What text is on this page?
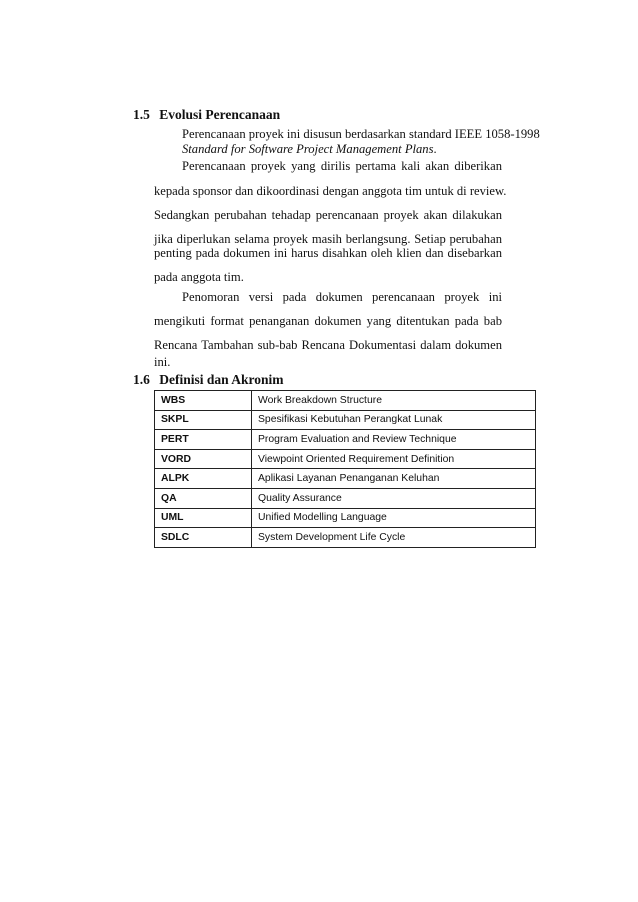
1.5 Evolusi Perencanaan
Perencanaan proyek ini disusun berdasarkan standard IEEE 1058-1998
Standard for Software Project Management Plans.
Perencanaan proyek yang dirilis pertama kali akan diberikan
kepada sponsor dan dikoordinasi dengan anggota tim untuk di review.
Sedangkan perubahan tehadap perencanaan proyek akan dilakukan
jika diperlukan selama proyek masih berlangsung. Setiap perubahan
penting pada dokumen ini harus disahkan oleh klien dan disebarkan
pada anggota tim.
Penomoran versi pada dokumen perencanaan proyek ini
mengikuti format penanganan dokumen yang ditentukan pada bab
Rencana Tambahan sub-bab Rencana Dokumentasi dalam dokumen
ini.
1.6 Definisi dan Akronim
WBS	Work Breakdown Structure
SKPL	Spesifikasi Kebutuhan Perangkat Lunak
PERT	Program Evaluation and Review Technique
VORD	Viewpoint Oriented Requirement Definition
ALPK	Aplikasi Layanan Penanganan Keluhan
QA	Quality Assurance
UML	Unified Modelling Language
SDLC	System Development Life Cycle
